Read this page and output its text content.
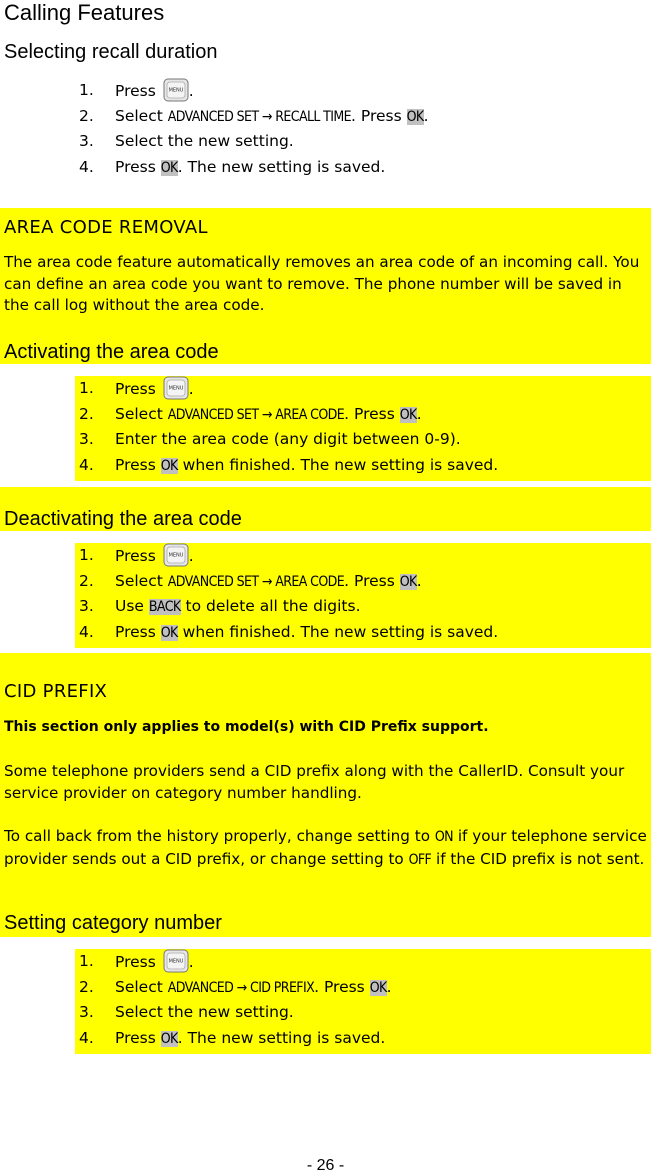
Calling Features
Selecting recall duration
1. Press MENU .
2. Select ADVANCED SET → RECALL TIME. Press OK.
3. Select the new setting.
4. Press OK. The new setting is saved.
AREA CODE REMOVAL
The area code feature automatically removes an area code of an incoming call. You can define an area code you want to remove. The phone number will be saved in the call log without the area code.
Activating the area code
1. Press MENU .
2. Select ADVANCED SET → AREA CODE. Press OK.
3. Enter the area code (any digit between 0-9).
4. Press OK when finished. The new setting is saved.
Deactivating the area code
1. Press MENU .
2. Select ADVANCED SET → AREA CODE. Press OK.
3. Use BACK to delete all the digits.
4. Press OK when finished. The new setting is saved.
CID PREFIX
This section only applies to model(s) with CID Prefix support.
Some telephone providers send a CID prefix along with the CallerID. Consult your service provider on category number handling.
To call back from the history properly, change setting to ON if your telephone service provider sends out a CID prefix, or change setting to OFF if the CID prefix is not sent.
Setting category number
1. Press MENU .
2. Select ADVANCED → CID PREFIX. Press OK.
3. Select the new setting.
4. Press OK. The new setting is saved.
- 26 -
